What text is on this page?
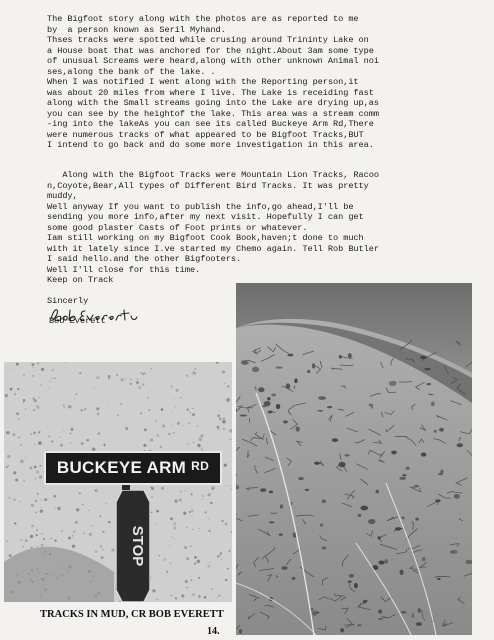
The Bigfoot story along with the photos are as reported to me
by  a person known as Seril Myhand.
Thses tracks were spotted while crusing around Trininty Lake on
a House boat that was anchored for the night.About 3am some type
of unusual Screams were heard,along with other unknown Animal noi
ses,along the bank of the lake. .
When I was notified I went along with the Reporting person,it
was about 20 miles from where I live. The Lake is receiding fast
along with the Small streams going into the Lake are drying up,as
you can see by the heightof the lake. This area was a stream comm
-ing into the lakeAs you can see its called Buckeye Arm Rd,There
were numerous tracks of what appeared to be Bigfoot Tracks,BUT
I intend to go back and do some more investigation in this area.
Along with the Bigfoot Tracks were Mountain Lion Tracks, Racoo
n,Coyote,Bear,All types of Different Bird Tracks. It was pretty
muddy,
Well anyway If you want to publish the info,go ahead,I'll be
sending you more info,after my next visit. Hopefully I can get
some good plaster Casts of Foot prints or whatever.
Iam still working on my Bigfoot Cook Book,haven;t done to much
with it lately since I.ve started my Chemo again. Tell Rob Butler
I said hello.and the other Bigfooters.
Well I'll close for this time.
Keep on Track
Sincerly
Bob Everett
BUCKEYE ARM RD
STOP
TRACKS IN MUD, CR BOB EVERETT
14.
